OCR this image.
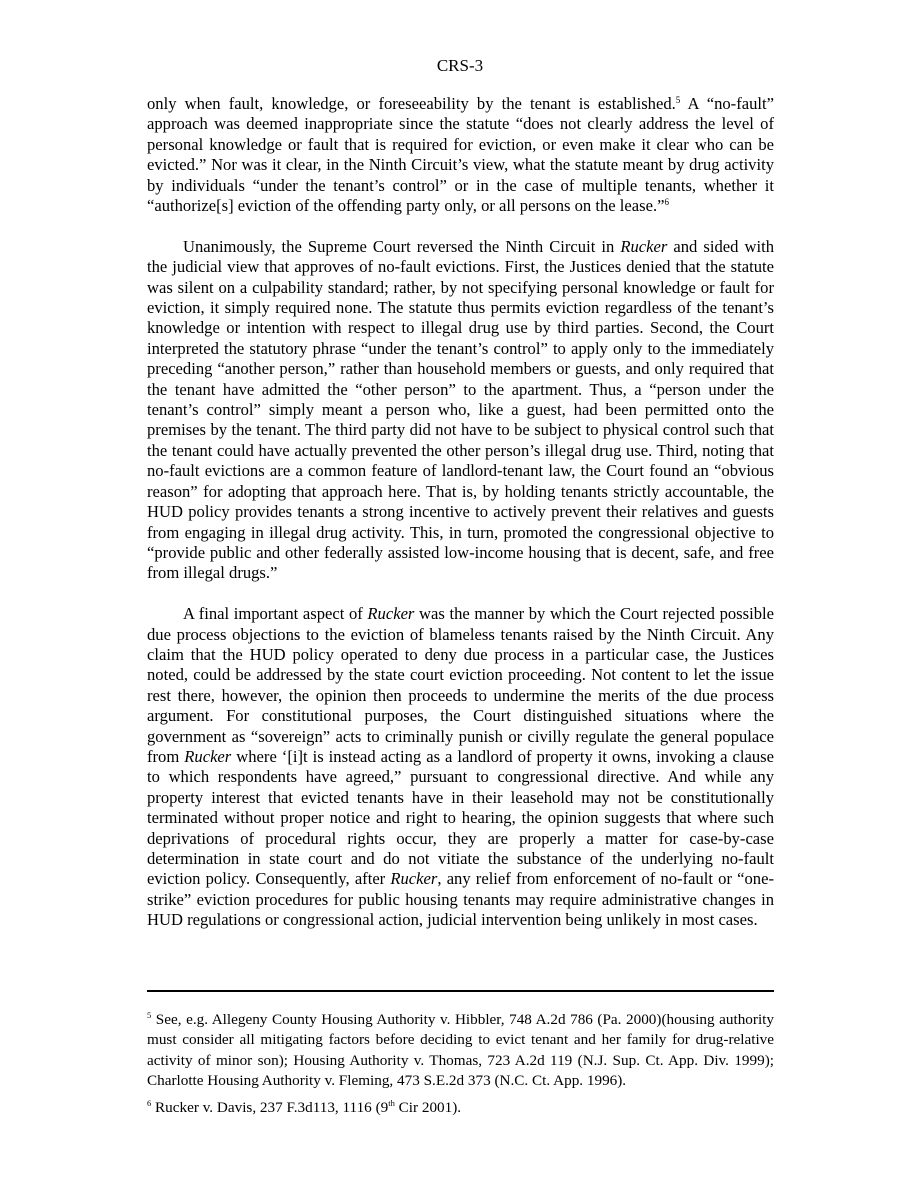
CRS-3

only when fault, knowledge, or foreseeability by the tenant is established.$^5$ A “no-fault” approach was deemed inappropriate since the statute “does not clearly address the level of personal knowledge or fault that is required for eviction, or even make it clear who can be evicted.” Nor was it clear, in the Ninth Circuit’s view, what the statute meant by drug activity by individuals “under the tenant’s control” or in the case of multiple tenants, whether it “authorize[s] eviction of the offending party only, or all persons on the lease.”$^6$

Unanimously, the Supreme Court reversed the Ninth Circuit in Rucker and sided with the judicial view that approves of no-fault evictions. First, the Justices denied that the statute was silent on a culpability standard; rather, by not specifying personal knowledge or fault for eviction, it simply required none. The statute thus permits eviction regardless of the tenant’s knowledge or intention with respect to illegal drug use by third parties. Second, the Court interpreted the statutory phrase “under the tenant’s control” to apply only to the immediately preceding “another person,” rather than household members or guests, and only required that the tenant have admitted the “other person” to the apartment. Thus, a “person under the tenant’s control” simply meant a person who, like a guest, had been permitted onto the premises by the tenant. The third party did not have to be subject to physical control such that the tenant could have actually prevented the other person’s illegal drug use. Third, noting that no-fault evictions are a common feature of landlord-tenant law, the Court found an “obvious reason” for adopting that approach here. That is, by holding tenants strictly accountable, the HUD policy provides tenants a strong incentive to actively prevent their relatives and guests from engaging in illegal drug activity. This, in turn, promoted the congressional objective to “provide public and other federally assisted low-income housing that is decent, safe, and free from illegal drugs.”

A final important aspect of Rucker was the manner by which the Court rejected possible due process objections to the eviction of blameless tenants raised by the Ninth Circuit. Any claim that the HUD policy operated to deny due process in a particular case, the Justices noted, could be addressed by the state court eviction proceeding. Not content to let the issue rest there, however, the opinion then proceeds to undermine the merits of the due process argument. For constitutional purposes, the Court distinguished situations where the government as “sovereign” acts to criminally punish or civilly regulate the general populace from Rucker where ‘[i]t is instead acting as a landlord of property it owns, invoking a clause to which respondents have agreed,” pursuant to congressional directive. And while any property interest that evicted tenants have in their leasehold may not be constitutionally terminated without proper notice and right to hearing, the opinion suggests that where such deprivations of procedural rights occur, they are properly a matter for case-by-case determination in state court and do not vitiate the substance of the underlying no-fault eviction policy. Consequently, after Rucker, any relief from enforcement of no-fault or “one-strike” eviction procedures for public housing tenants may require administrative changes in HUD regulations or congressional action, judicial intervention being unlikely in most cases.

$^5$ See, e.g. Allegeny County Housing Authority v. Hibbler, 748 A.2d 786 (Pa. 2000)(housing authority must consider all mitigating factors before deciding to evict tenant and her family for drug-relative activity of minor son); Housing Authority v. Thomas, 723 A.2d 119 (N.J. Sup. Ct. App. Div. 1999); Charlotte Housing Authority v. Fleming, 473 S.E.2d 373 (N.C. Ct. App. 1996).

$^6$ Rucker v. Davis, 237 F.3d113, 1116 (9th Cir 2001).
